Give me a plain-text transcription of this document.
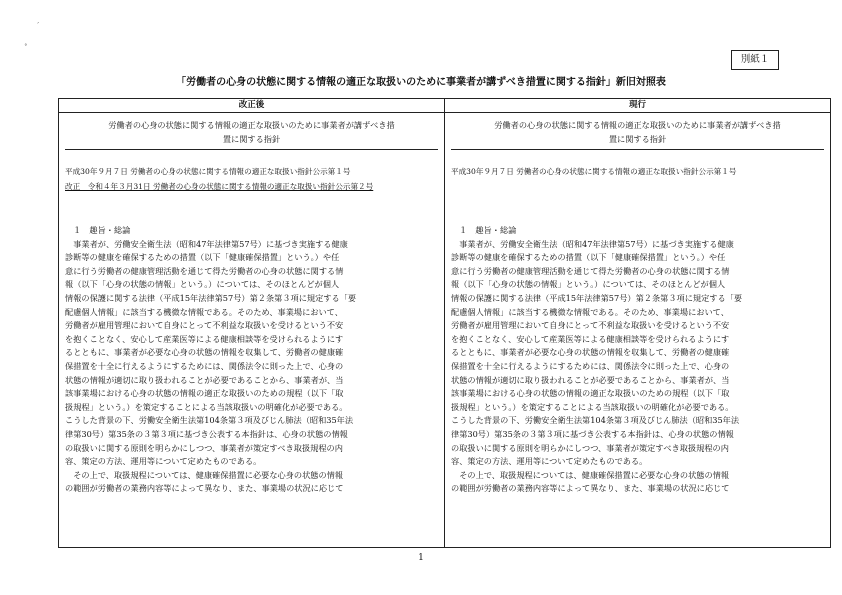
´
˚
別紙１
「労働者の心身の状態に関する情報の適正な取扱いのために事業者が講ずべき措置に関する指針」新旧対照表
改正後
労働者の心身の状態に関する情報の適正な取扱いのために事業者が講ずべき措
置に関する指針
平成30年９月７日 労働者の心身の状態に関する情報の適正な取扱い指針公示第１号
改正　令和４年３月31日 労働者の心身の状態に関する情報の適正な取扱い指針公示第２号
１　趣旨・総論
　事業者が、労働安全衛生法（昭和47年法律第57号）に基づき実施する健康
診断等の健康を確保するための措置（以下「健康確保措置」という。）や任
意に行う労働者の健康管理活動を通じて得た労働者の心身の状態に関する情
報（以下「心身の状態の情報」という。）については、そのほとんどが個人
情報の保護に関する法律（平成15年法律第57号）第２条第３項に規定する「要
配慮個人情報」に該当する機微な情報である。そのため、事業場において、
労働者が雇用管理において自身にとって不利益な取扱いを受けるという不安
を抱くことなく、安心して産業医等による健康相談等を受けられるようにす
るとともに、事業者が必要な心身の状態の情報を収集して、労働者の健康確
保措置を十全に行えるようにするためには、関係法令に則った上で、心身の
状態の情報が適切に取り扱われることが必要であることから、事業者が、当
該事業場における心身の状態の情報の適正な取扱いのための規程（以下「取
扱規程」という。）を策定することによる当該取扱いの明確化が必要である。
こうした背景の下、労働安全衛生法第104条第３項及びじん肺法（昭和35年法
律第30号）第35条の３第３項に基づき公表する本指針は、心身の状態の情報
の取扱いに関する原則を明らかにしつつ、事業者が策定すべき取扱規程の内
容、策定の方法、運用等について定めたものである。
　その上で、取扱規程については、健康確保措置に必要な心身の状態の情報
の範囲が労働者の業務内容等によって異なり、また、事業場の状況に応じて
現行
労働者の心身の状態に関する情報の適正な取扱いのために事業者が講ずべき措
置に関する指針
平成30年９月７日 労働者の心身の状態に関する情報の適正な取扱い指針公示第１号

１　趣旨・総論
　事業者が、労働安全衛生法（昭和47年法律第57号）に基づき実施する健康
診断等の健康を確保するための措置（以下「健康確保措置」という。）や任
意に行う労働者の健康管理活動を通じて得た労働者の心身の状態に関する情
報（以下「心身の状態の情報」という。）については、そのほとんどが個人
情報の保護に関する法律（平成15年法律第57号）第２条第３項に規定する「要
配慮個人情報」に該当する機微な情報である。そのため、事業場において、
労働者が雇用管理において自身にとって不利益な取扱いを受けるという不安
を抱くことなく、安心して産業医等による健康相談等を受けられるようにす
るとともに、事業者が必要な心身の状態の情報を収集して、労働者の健康確
保措置を十全に行えるようにするためには、関係法令に則った上で、心身の
状態の情報が適切に取り扱われることが必要であることから、事業者が、当
該事業場における心身の状態の情報の適正な取扱いのための規程（以下「取
扱規程」という。）を策定することによる当該取扱いの明確化が必要である。
こうした背景の下、労働安全衛生法第104条第３項及びじん肺法（昭和35年法
律第30号）第35条の３第３項に基づき公表する本指針は、心身の状態の情報
の取扱いに関する原則を明らかにしつつ、事業者が策定すべき取扱規程の内
容、策定の方法、運用等について定めたものである。
　その上で、取扱規程については、健康確保措置に必要な心身の状態の情報
の範囲が労働者の業務内容等によって異なり、また、事業場の状況に応じて
1
